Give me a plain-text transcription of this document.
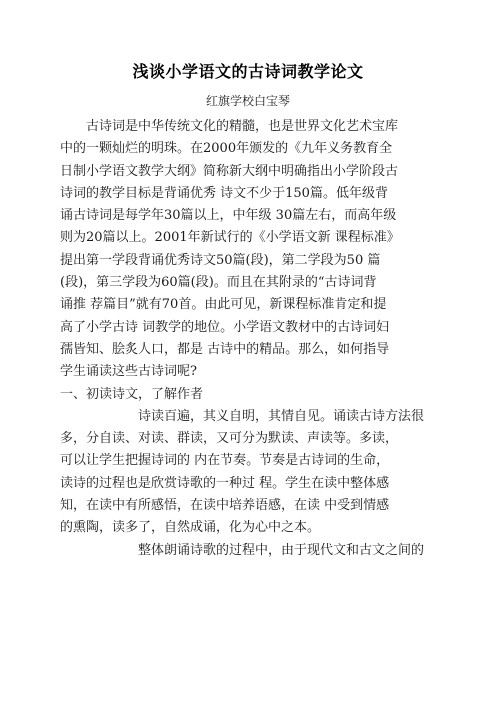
浅谈小学语文的古诗词教学论文
红旗学校白宝琴
古诗词是中华传统文化的精髓，也是世界文化艺术宝库
中的一颗灿烂的明珠。在2000年颁发的《九年义务教育全
日制小学语文教学大纲》简称新大纲中明确指出小学阶段古
诗词的教学目标是背诵优秀 诗文不少于150篇。低年级背
诵古诗词是每学年30篇以上，中年级 30篇左右，而高年级
则为20篇以上。2001年新试行的《小学语文新 课程标准》
提出第一学段背诵优秀诗文50篇(段)，第二学段为50 篇
(段)，第三学段为60篇(段)。而且在其附录的“古诗词背
诵推 荐篇目”就有70首。由此可见，新课程标准肯定和提
高了小学古诗 词教学的地位。小学语文教材中的古诗词妇
孺皆知、脍炙人口，都是 古诗中的精品。那么，如何指导
学生诵读这些古诗词呢?
一、初读诗文，了解作者
诗读百遍，其义自明，其情自见。诵读古诗方法很
多，分自读、对读、群读，又可分为默读、声读等。多读，
可以让学生把握诗词的 内在节奏。节奏是古诗词的生命，
读诗的过程也是欣赏诗歌的一种过 程。学生在读中整体感
知，在读中有所感悟，在读中培养语感，在读 中受到情感
的熏陶，读多了，自然成诵，化为心中之本。
整体朗诵诗歌的过程中，由于现代文和古文之间的
